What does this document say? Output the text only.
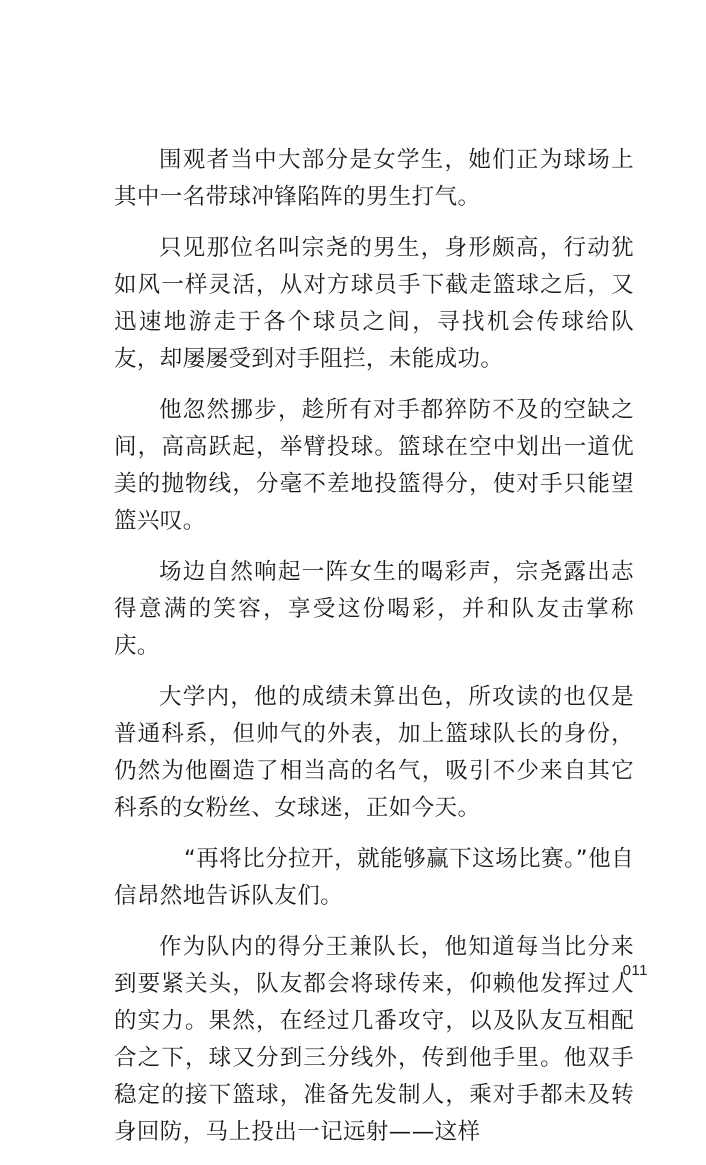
围观者当中大部分是女学生，她们正为球场上其中一名带球冲锋陷阵的男生打气。

只见那位名叫宗尧的男生，身形颇高，行动犹如风一样灵活，从对方球员手下截走篮球之后，又迅速地游走于各个球员之间，寻找机会传球给队友，却屡屡受到对手阻拦，未能成功。

他忽然挪步，趁所有对手都猝防不及的空缺之间，高高跃起，举臂投球。篮球在空中划出一道优美的抛物线，分毫不差地投篮得分，使对手只能望篮兴叹。

场边自然响起一阵女生的喝彩声，宗尧露出志得意满的笑容，享受这份喝彩，并和队友击掌称庆。

大学内，他的成绩未算出色，所攻读的也仅是普通科系，但帅气的外表，加上篮球队长的身份，仍然为他圈造了相当高的名气，吸引不少来自其它科系的女粉丝、女球迷，正如今天。

“再将比分拉开，就能够赢下这场比赛。”他自信昂然地告诉队友们。

作为队内的得分王兼队长，他知道每当比分来到要紧关头，队友都会将球传来，仰赖他发挥过人的实力。果然，在经过几番攻守，以及队友互相配合之下，球又分到三分线外，传到他手里。他双手稳定的接下篮球，准备先发制人，乘对手都未及转身回防，马上投出一记远射——这样

011
